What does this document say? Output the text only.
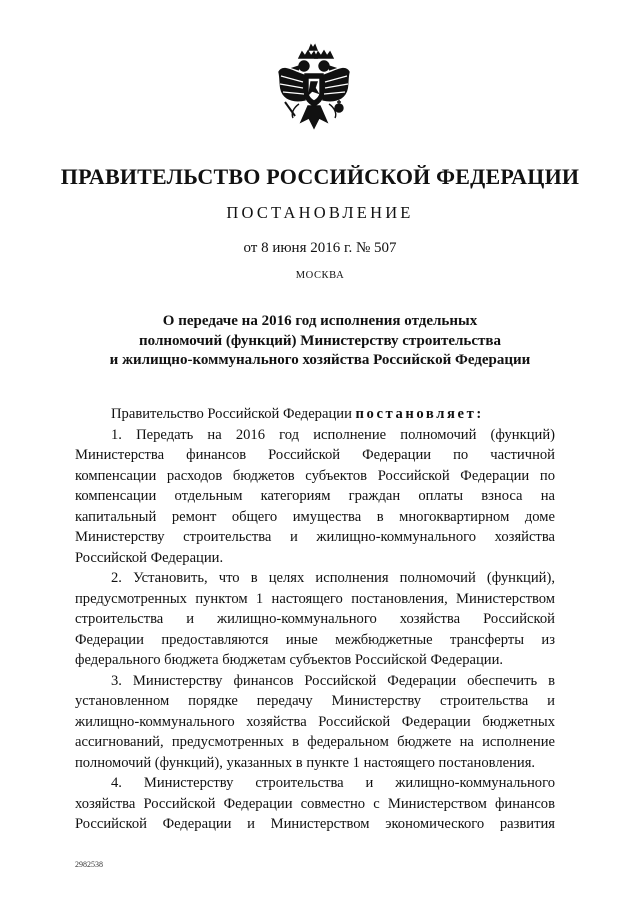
ПРАВИТЕЛЬСТВО РОССИЙСКОЙ ФЕДЕРАЦИИ
ПОСТАНОВЛЕНИЕ
от 8 июня 2016 г. № 507
МОСКВА
О передаче на 2016 год исполнения отдельных
полномочий (функций) Министерству строительства
и жилищно-коммунального хозяйства Российской Федерации
Правительство Российской Федерации постановляет:
1. Передать на 2016 год исполнение полномочий (функций)
Министерства финансов Российской Федерации по частичной
компенсации расходов бюджетов субъектов Российской Федерации по
компенсации отдельным категориям граждан оплаты взноса на
капитальный ремонт общего имущества в многоквартирном доме
Министерству строительства и жилищно-коммунального хозяйства
Российской Федерации.
2. Установить, что в целях исполнения полномочий (функций),
предусмотренных пунктом 1 настоящего постановления, Министерством
строительства и жилищно-коммунального хозяйства Российской
Федерации предоставляются иные межбюджетные трансферты из
федерального бюджета бюджетам субъектов Российской Федерации.
3. Министерству финансов Российской Федерации обеспечить в
установленном порядке передачу Министерству строительства и
жилищно-коммунального хозяйства Российской Федерации бюджетных
ассигнований, предусмотренных в федеральном бюджете на исполнение
полномочий (функций), указанных в пункте 1 настоящего постановления.
4. Министерству строительства и жилищно-коммунального
хозяйства Российской Федерации совместно с Министерством финансов
Российской Федерации и Министерством экономического развития
2982538
